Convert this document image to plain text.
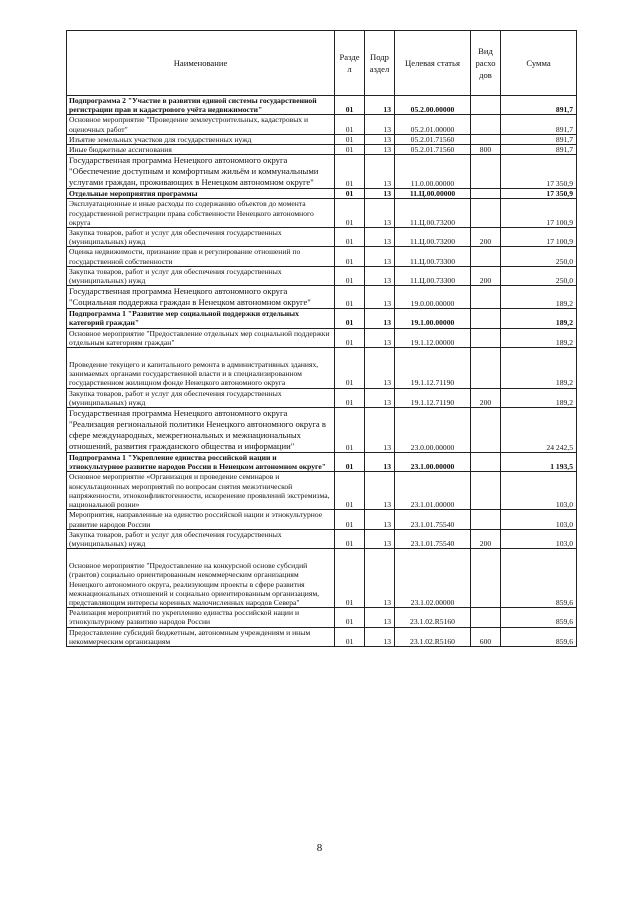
Наименование	Разде л	Подр аздел	Целевая статья	Вид расхо дов	Сумма
Подпрограмма 2 "Участие в развитии единой системы государственной регистрации прав и кадастрового учёта недвижимости"	01	13	05.2.00.00000		891,7
Основное мероприятие "Проведение землеустроительных, кадастровых и оценочных работ"	01	13	05.2.01.00000		891,7
Изъятие земельных участков для государственных нужд	01	13	05.2.01.71560		891,7
Иные бюджетные ассигнования	01	13	05.2.01.71560	800	891,7
Государственная программа Ненецкого автономного округа "Обеспечение доступным и комфортным жильём и коммунальными услугами граждан, проживающих в Ненецком автономном округе"	01	13	11.0.00.00000		17 350,9
Отдельные мероприятия программы	01	13	11.Ц.00.00000		17 350,9
Эксплуатационные и иные расходы по содержанию объектов до момента государственной регистрации права собственности Ненецкого автономного округа	01	13	11.Ц.00.73200		17 100,9
Закупка товаров, работ и услуг для обеспечения государственных (муниципальных) нужд	01	13	11.Ц.00.73200	200	17 100,9
Оценка недвижимости, признание прав и регулирование отношений по государственной собственности	01	13	11.Ц.00.73300		250,0
Закупка товаров, работ и услуг для обеспечения государственных (муниципальных) нужд	01	13	11.Ц.00.73300	200	250,0
Государственная программа Ненецкого автономного округа "Социальная поддержка граждан в Ненецком автономном округе"	01	13	19.0.00.00000		189,2
Подпрограмма 1 "Развитие мер социальной поддержки отдельных категорий граждан"	01	13	19.1.00.00000		189,2
Основное мероприятие "Предоставление отдельных мер социальной поддержки отдельным категориям граждан"	01	13	19.1.12.00000		189,2
Проведение текущего и капитального ремонта в административных зданиях, занимаемых органами государственной власти и в специализированном государственном жилищном фонде Ненецкого автономного округа	01	13	19.1.12.71190		189,2
Закупка товаров, работ и услуг для обеспечения государственных (муниципальных) нужд	01	13	19.1.12.71190	200	189,2
Государственная программа Ненецкого автономного округа "Реализация региональной политики Ненецкого автономного округа в сфере международных, межрегиональных и межнациональных отношений, развития гражданского общества и информации"	01	13	23.0.00.00000		24 242,5
Подпрограмма 1 "Укрепление единства российской нации и этнокультурное развитие народов России в Ненецком автономном округе"	01	13	23.1.00.00000		1 193,5
Основное мероприятие «Организация и проведение семинаров и консультационных мероприятий по вопросам снятия межэтнической напряженности, этноконфликтогенности, искоренение проявлений экстремизма, национальной розни»	01	13	23.1.01.00000		103,0
Мероприятия, направленные на единство российской нации и этнокультурное развитие народов России	01	13	23.1.01.75540		103,0
Закупка товаров, работ и услуг для обеспечения государственных (муниципальных) нужд	01	13	23.1.01.75540	200	103,0
Основное мероприятие "Предоставление на конкурсной основе субсидий (грантов) социально ориентированным некоммерческим организациям Ненецкого автономного округа, реализующим проекты в сфере развития межнациональных отношений и социально ориентированным организациям, представляющим интересы коренных малочисленных народов Севера"	01	13	23.1.02.00000		859,6
Реализация мероприятий по укреплению единства российской нации и этнокультурному развитию народов России	01	13	23.1.02.R5160		859,6
Предоставление субсидий бюджетным, автономным учреждениям и иным некоммерческим организациям	01	13	23.1.02.R5160	600	859,6
8
